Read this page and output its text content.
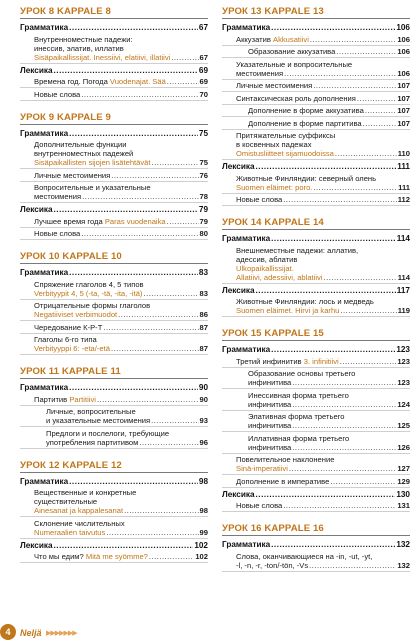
УРОК 8 KAPPALE 8
Грамматика .....	67
Внутренноместные падежи:
инессив, элатив, иллатив
Sisäpaikallissijat. Inessiivi, elatiivi, illatiivi .....	67
Лексика .....	69
Времена год. Погода Vuodenajat. Sää .....	69
Новые слова .....	70
УРОК 9 KAPPALE 9
Грамматика .....	75
Дополнительные функции
внутренноместных падежей
Sisäpaikallisten sijojen lisätehtävät .....	75
Личные местоимения .....	76
Вопросительные и указательные
местоимения .....	78
Лексика .....	79
Лучшее время года Paras vuodenaika .....	79
Новые слова .....	80
УРОК 10 KAPPALE 10
Грамматика .....	83
Спряжение глаголов 4, 5 типов
Verbityypit 4, 5 (-ta, -tä, -ita, -itä) .....	83
Отрицательные формы глаголов
Negatiiviset verbimuodot .....	86
Чередование К-Р-Т .....	87
Глаголы 6-го типа
Verbityyppi 6: -eta/-etä .....	87
УРОК 11 KAPPALE 11
Грамматика .....	90
Партитив Partitiivi .....	90
Личные, вопросительные
и указательные местоимения .....	93
Предлоги и послелоги, требующие
употребления партитивом .....	96
УРОК 12 KAPPALE 12
Грамматика .....	98
Вещественные и конкретные
существительные
Ainesanat ja kappalesanat .....	98
Склонение числительных
Numeraalien taivutus .....	99
Лексика .....	102
Что мы едим? Mitä me syömme? .....	102
УРОК 13 KAPPALE 13
Грамматика .....	106
Аккузатив Akkusatiivi .....	106
Образование аккузатива .....	106
Указательные и вопросительные
местоимения .....	106
Личные местоимения .....	107
Синтаксическая роль дополнения .....	107
Дополнение в форме аккузатива .....	107
Дополнение в форме партитива .....	107
Притяжательные суффиксы
в косвенных падежах
Omistusliitteet sijamuodoissa .....	110
Лексика .....	111
Животные Финляндии: северный олень
Suomen eläimet: poro. .....	111
Новые слова .....	112
УРОК 14 KAPPALE 14
Грамматика .....	114
Внешнеместные падежи: аллатив,
адессив, аблатив
Ulkopaikallissijat.
Allatiivi, adessiivi, ablatiivi .....	114
Лексика .....	117
Животные Финляндии: лось и медведь
Suomen eläimet. Hirvi ja karhu .....	119
УРОК 15 KAPPALE 15
Грамматика .....	123
Третий инфинитив 3. infinitiivi .....	123
Образование основы третьего
инфинитива .....	123
Инессивная форма третьего
инфинитива .....	124
Элативная форма третьего
инфинитива .....	125
Иллативная форма третьего
инфинитива .....	126
Повелительное наклонение
Sinä-imperatiivi .....	127
Дополнение в императиве .....	129
Лексика .....	130
Новые слова .....	131
УРОК 16 KAPPALE 16
Грамматика .....	132
Слова, оканчивающиеся на -in, -ut, -yt,
-l, -n, -r, -ton/-tön, -Vs .....	132
4	Neljä ▶▶▶▶▶▶▶
